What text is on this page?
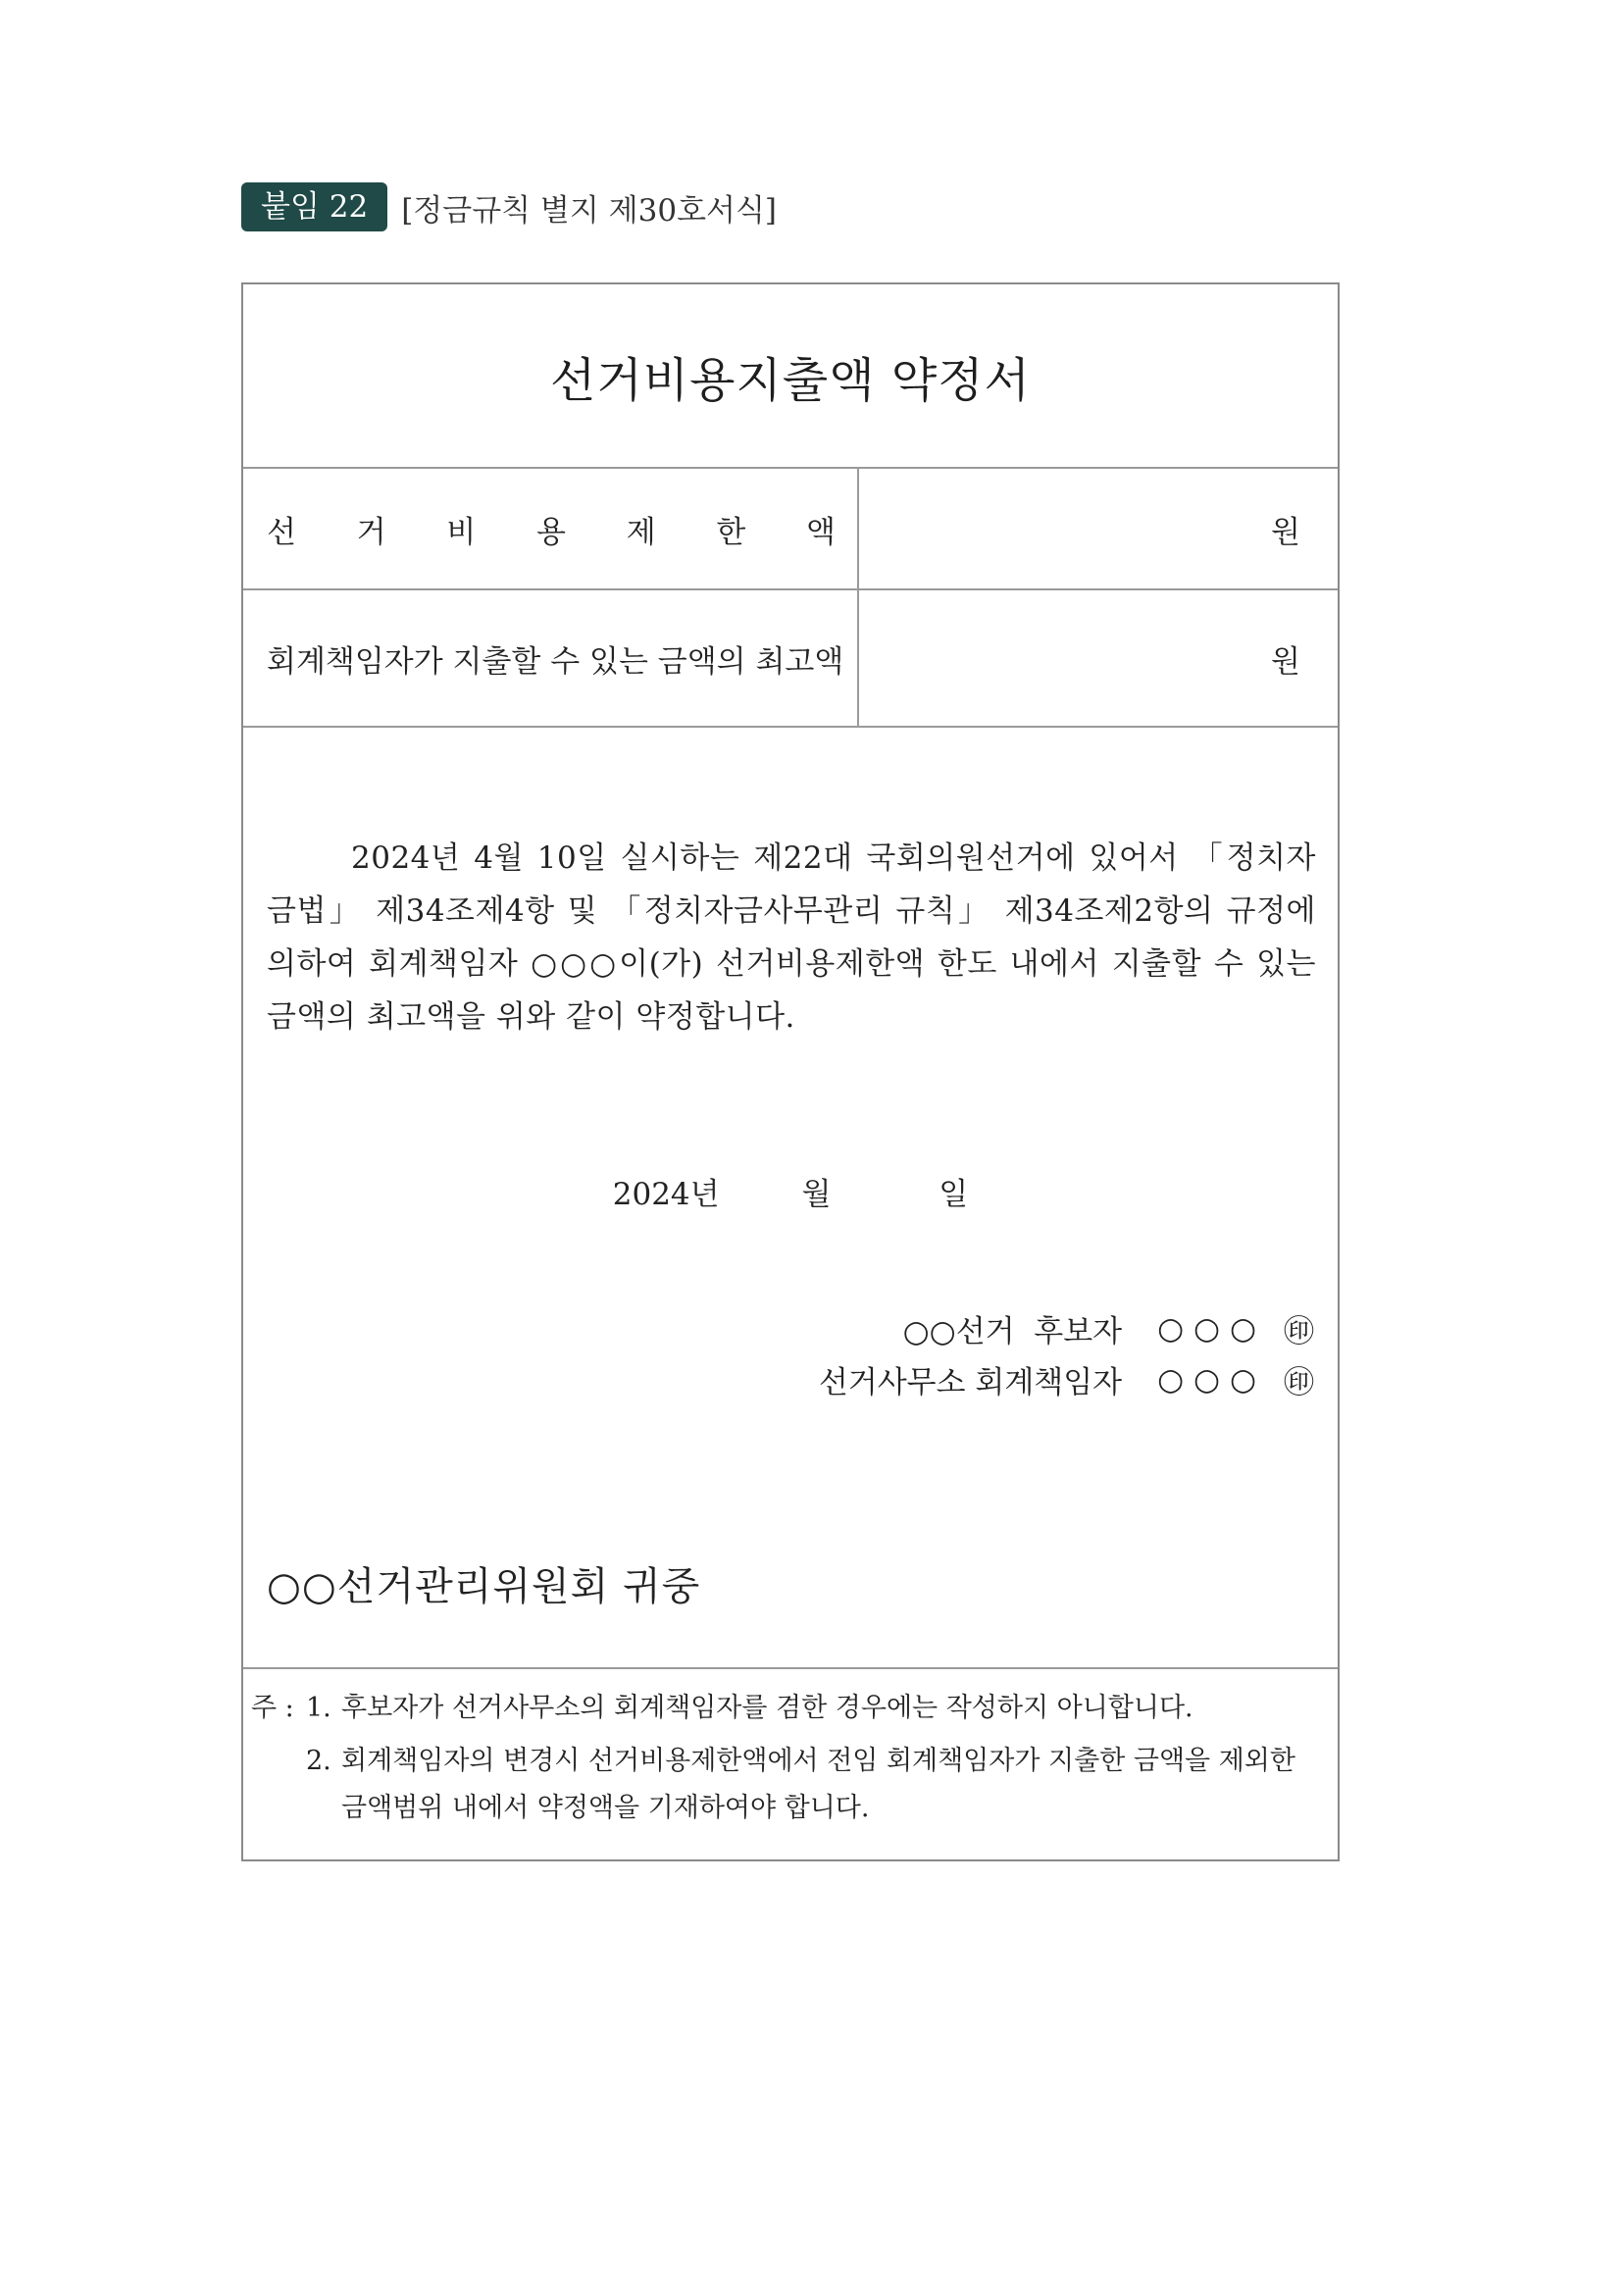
붙임 22	[정금규칙 별지 제30호서식]
선거비용지출액 약정서
선 거 비 용 제 한 액	원
회계책임자가 지출할 수 있는 금액의 최고액	원

2024년 4월 10일 실시하는 제22대 국회의원선거에 있어서 「정치자금법」 제34조제4항 및 「정치자금사무관리 규칙」 제34조제2항의 규정에 의하여 회계책임자 ○○○이(가) 선거비용제한액 한도 내에서 지출할 수 있는 금액의 최고액을 위와 같이 약정합니다.

2024년	월	일
○○선거  후보자 ○ ○ ○ ㊞
선거사무소 회계책임자 ○ ○ ○ ㊞
○○선거관리위원회 귀중
주 : 1. 후보자가 선거사무소의 회계책임자를 겸한 경우에는 작성하지 아니합니다.
2. 회계책임자의 변경시 선거비용제한액에서 전임 회계책임자가 지출한 금액을 제외한 금액범위 내에서 약정액을 기재하여야 합니다.
